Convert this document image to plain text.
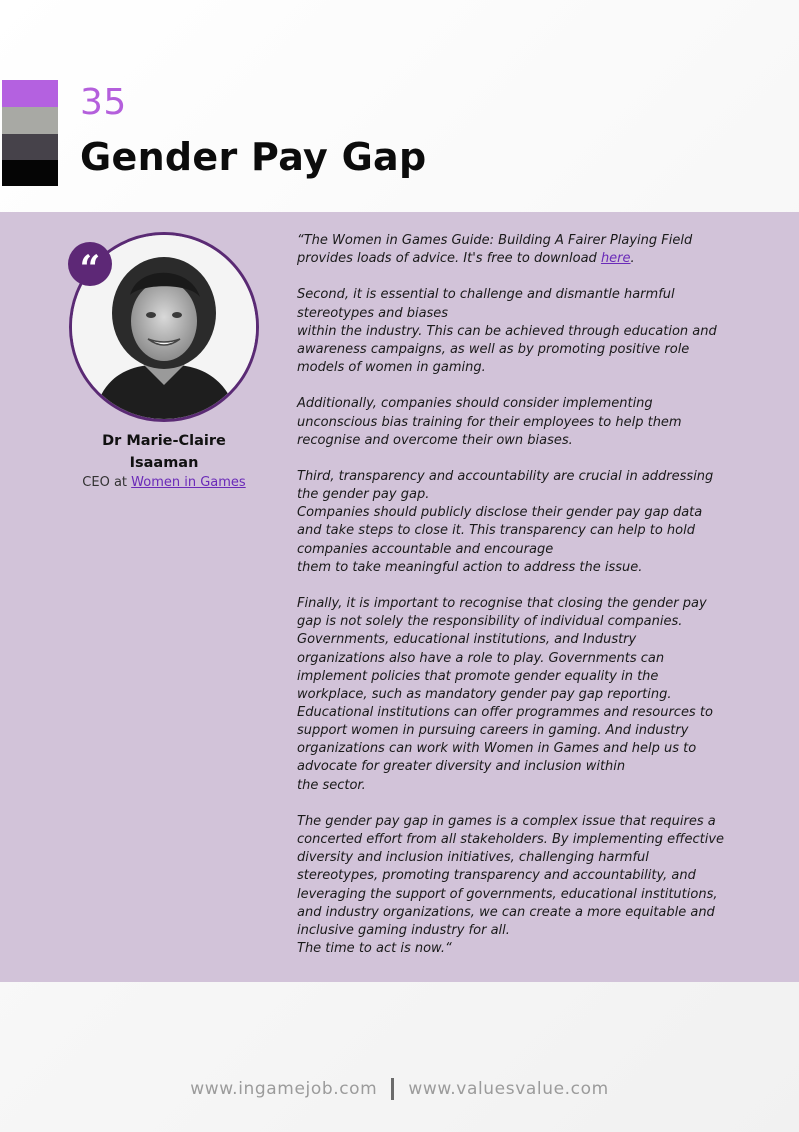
35
Gender Pay Gap
“
Dr Marie-Claire Isaaman
CEO at Women in Games

“The Women in Games Guide: Building A Fairer Playing Field
provides loads of advice. It's free to download here.

Second, it is essential to challenge and dismantle harmful
stereotypes and biases
within the industry. This can be achieved through education and
awareness campaigns, as well as by promoting positive role
models of women in gaming.

Additionally, companies should consider implementing
unconscious bias training for their employees to help them
recognise and overcome their own biases.

Third, transparency and accountability are crucial in addressing
the gender pay gap.
Companies should publicly disclose their gender pay gap data
and take steps to close it. This transparency can help to hold
companies accountable and encourage
them to take meaningful action to address the issue.

Finally, it is important to recognise that closing the gender pay
gap is not solely the responsibility of individual companies.
Governments, educational institutions, and Industry
organizations also have a role to play. Governments can
implement policies that promote gender equality in the
workplace, such as mandatory gender pay gap reporting.
Educational institutions can offer programmes and resources to
support women in pursuing careers in gaming. And industry
organizations can work with Women in Games and help us to
advocate for greater diversity and inclusion within
the sector.

The gender pay gap in games is a complex issue that requires a
concerted effort from all stakeholders. By implementing effective
diversity and inclusion initiatives, challenging harmful
stereotypes, promoting transparency and accountability, and
leveraging the support of governments, educational institutions,
and industry organizations, we can create a more equitable and
inclusive gaming industry for all.
The time to act is now.“

www.ingamejob.com www.valuesvalue.com
